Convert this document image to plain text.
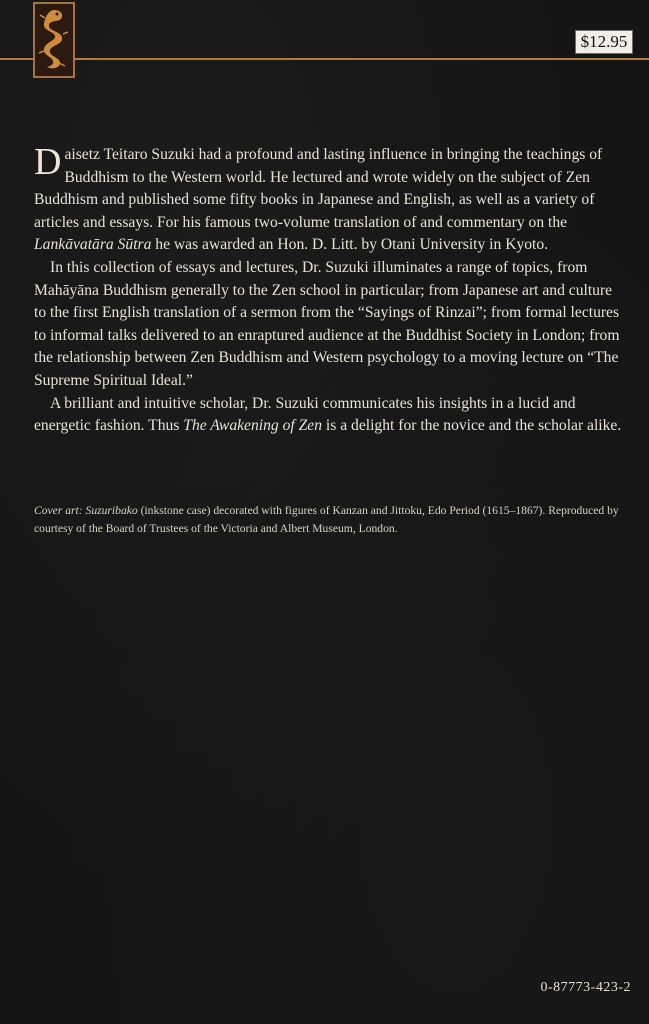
$12.95

Daisetz Teitaro Suzuki had a profound and lasting influence in bringing the teachings of Buddhism to the Western world. He lectured and wrote widely on the subject of Zen Buddhism and published some fifty books in Japanese and English, as well as a variety of articles and essays. For his famous two-volume translation of and commentary on the Lankāvatāra Sūtra he was awarded an Hon. D. Litt. by Otani University in Kyoto.

In this collection of essays and lectures, Dr. Suzuki illuminates a range of topics, from Mahāyāna Buddhism generally to the Zen school in particular; from Japanese art and culture to the first English translation of a sermon from the “Sayings of Rinzai”; from formal lectures to informal talks delivered to an enraptured audience at the Buddhist Society in London; from the relationship between Zen Buddhism and Western psychology to a moving lecture on “The Supreme Spiritual Ideal.”

A brilliant and intuitive scholar, Dr. Suzuki communicates his insights in a lucid and energetic fashion. Thus The Awakening of Zen is a delight for the novice and the scholar alike.

Cover art: Suzuribako (inkstone case) decorated with figures of Kanzan and Jittoku, Edo Period (1615–1867). Reproduced by courtesy of the Board of Trustees of the Victoria and Albert Museum, London.
0-87773-423-2
